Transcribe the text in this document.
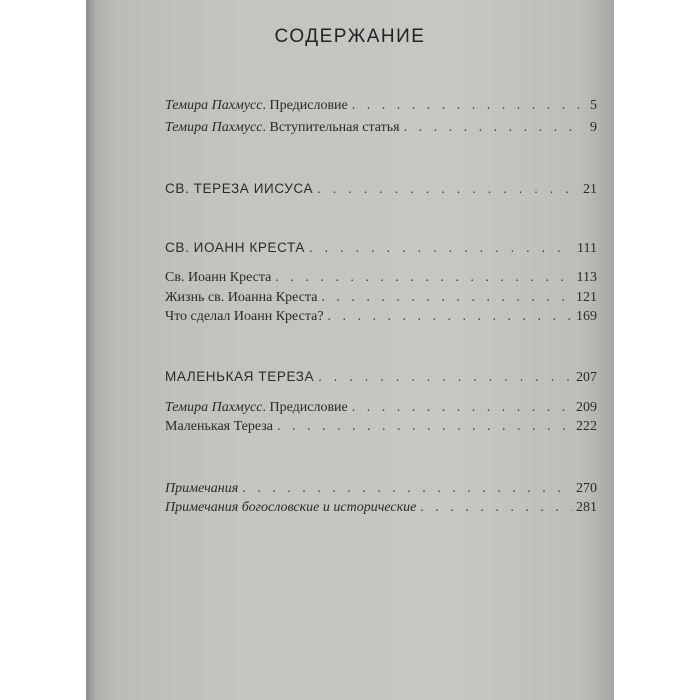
СОДЕРЖАНИЕ
Темира Пахмусс . Предисловие . . .	5
Темира Пахмусс . Вступительная статья . . .	9
СВ. ТЕРЕЗА ИИСУСА . . .	21
СВ. ИОАНН КРЕСТА . . .	111
Св. Иоанн Креста . . .	113
Жизнь св. Иоанна Креста . . .	121
Что сделал Иоанн Креста? . . .	169
МАЛЕНЬКАЯ ТЕРЕЗА . . .	207
Темира Пахмусс . Предисловие . . .	209
Маленькая Тереза . . .	222
Примечания . . .	270
Примечания богословские и исторические . . .	281
